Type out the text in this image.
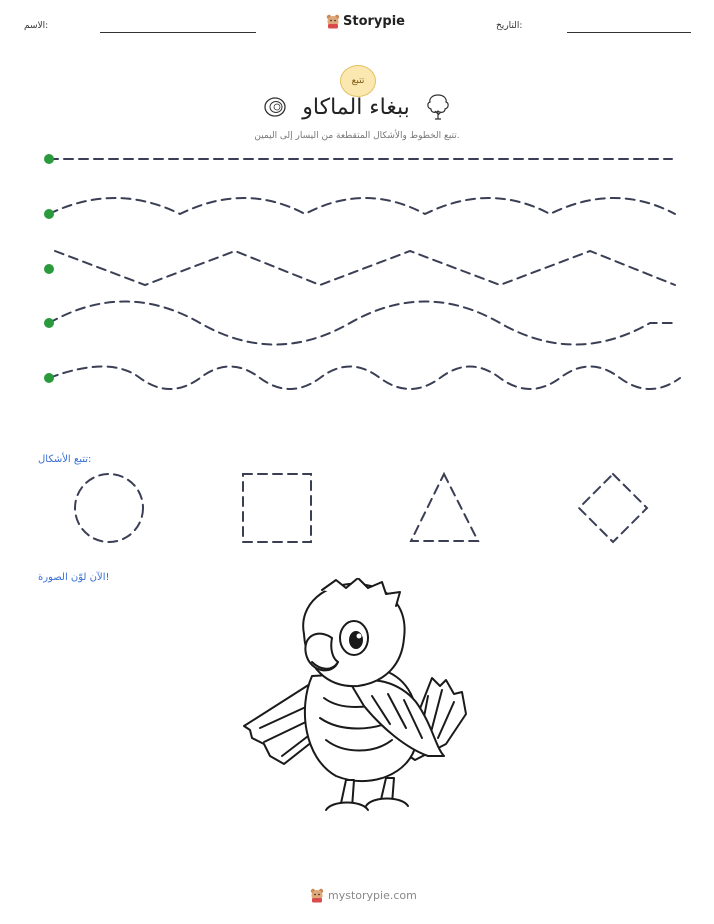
الاسم:	Storypie	التاريخ:
تتبع
ببغاء الماكاو
تتبع الخطوط والأشكال المتقطعة من اليسار إلى اليمين.
تتبع الأشكال:
الآن لوّن الصورة!
mystorypie.com
